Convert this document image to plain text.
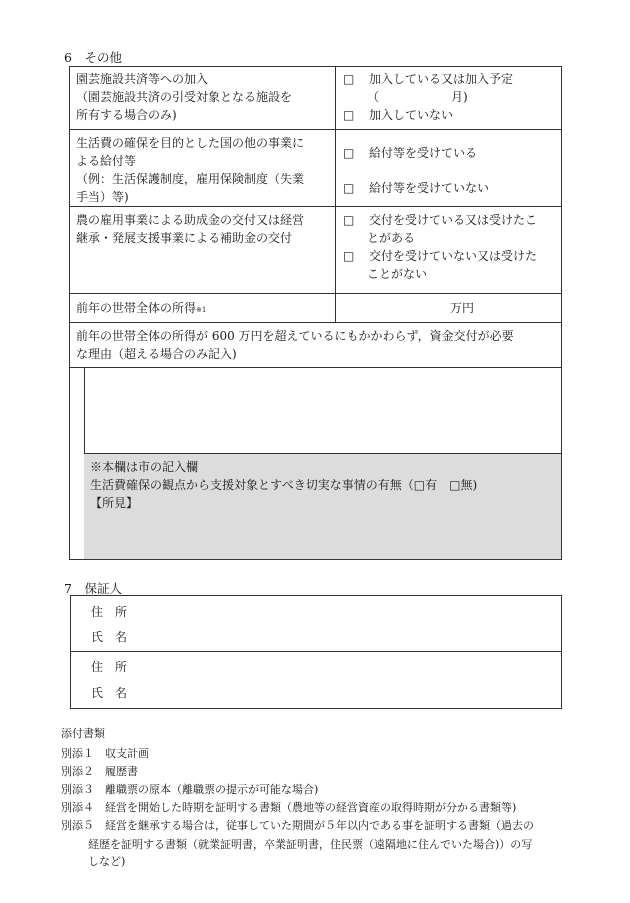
6　その他
園芸施設共済等への加入
（園芸施設共済の引受対象となる施設を
所有する場合のみ)
□　 加入している又は加入予定
（　　　　　　月)
□　 加入していない
生活費の確保を目的とした国の他の事業に
よる給付等
（例：生活保護制度，雇用保険制度（失業
手当）等)
□　 給付等を受けている
□　 給付等を受けていない
農の雇用事業による助成金の交付又は経営
継承・発展支援事業による補助金の交付
□　 交付を受けている又は受けたこ
とがある
□　 交付を受けていない又は受けた
ことがない
前年の世帯全体の所得※1	万円
前年の世帯全体の所得が 600 万円を超えているにもかかわらず，資金交付が必要
な理由（超える場合のみ記入)
※本欄は市の記入欄
生活費確保の観点から支援対象とすべき切実な事情の有無（□有　□無)
【所見】
7　保証人
住　所
氏　名
住　所
氏　名
添付書類
別添１　 収支計画
別添２　 履歴書
別添３　 離職票の原本（離職票の提示が可能な場合)
別添４　 経営を開始した時期を証明する書類（農地等の経営資産の取得時期が分かる書類等)
別添５　 経営を継承する場合は，従事していた期間が５年以内である事を証明する書類（過去の
経歴を証明する書類（就業証明書，卒業証明書，住民票（遠隔地に住んでいた場合)）の写
しなど)
